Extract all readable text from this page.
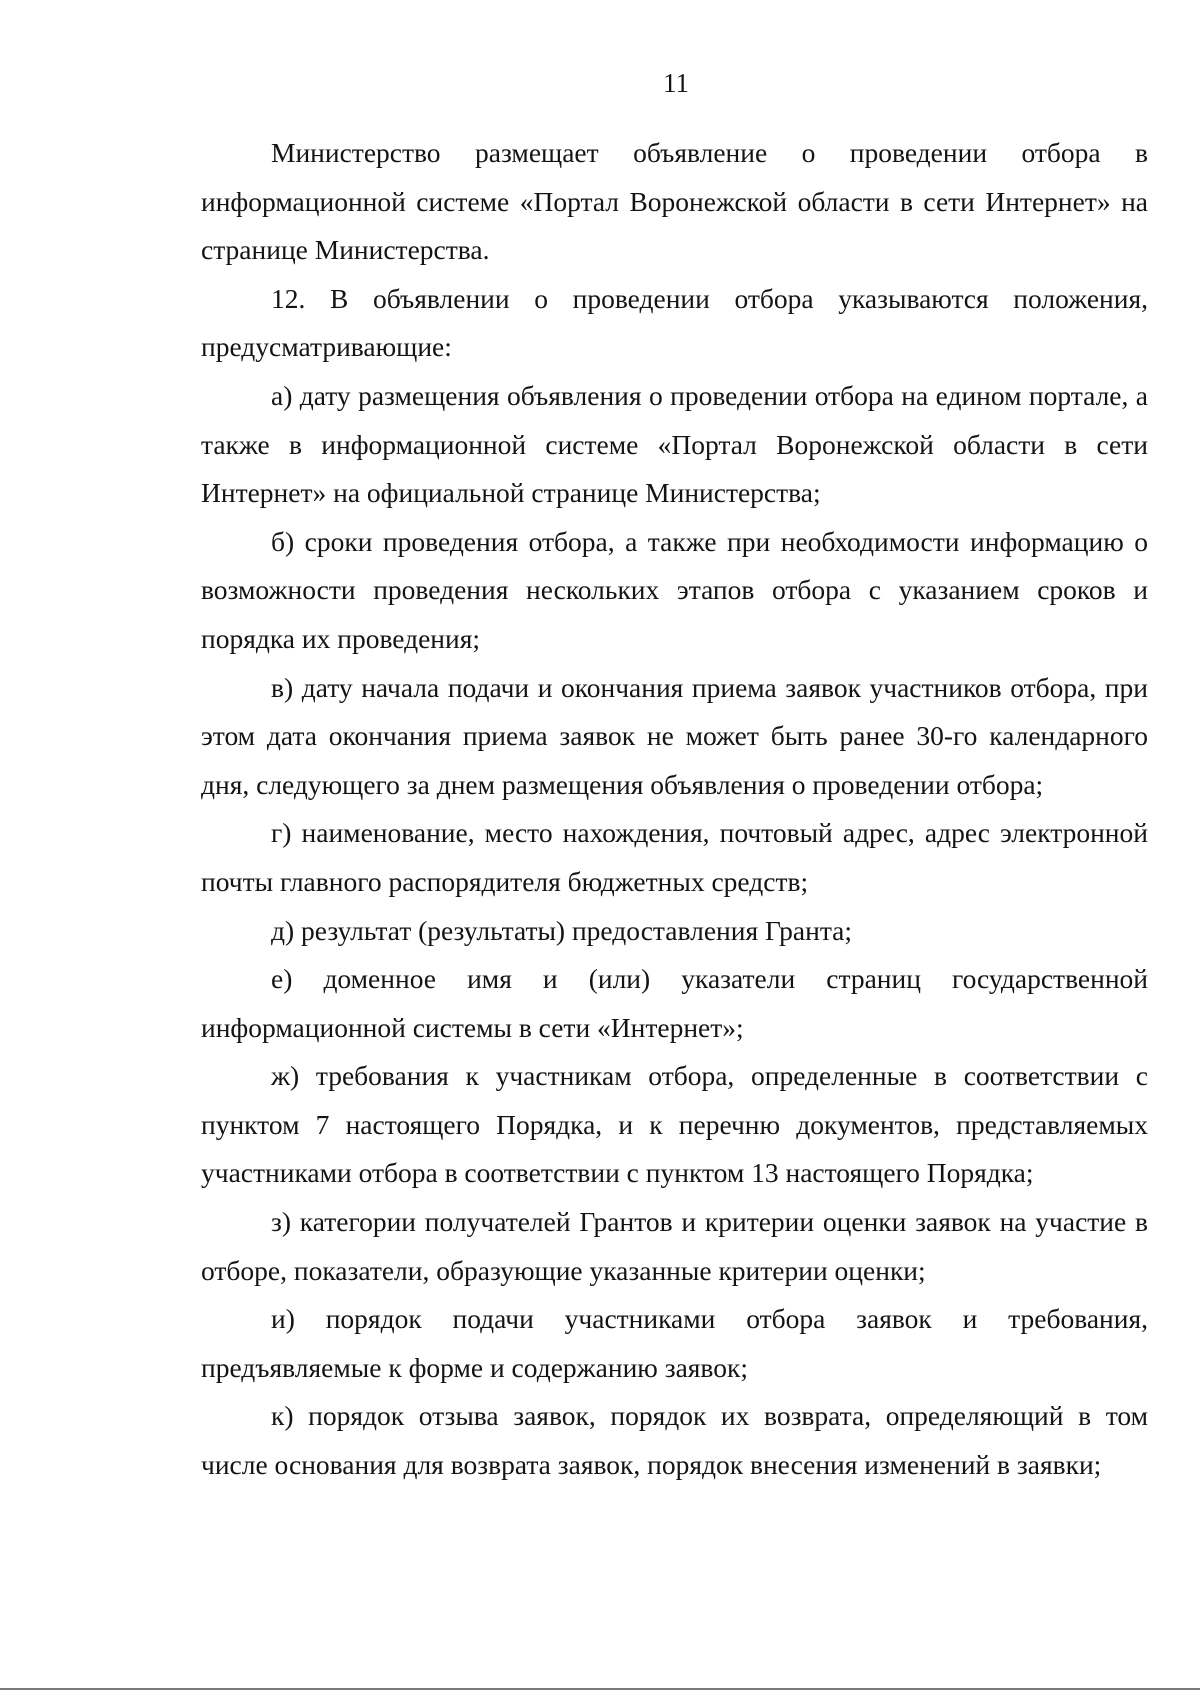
11

Министерство размещает объявление о проведении отбора в информационной системе «Портал Воронежской области в сети Интернет» на странице Министерства.

12. В объявлении о проведении отбора указываются положения, предусматривающие:

а) дату размещения объявления о проведении отбора на едином портале, а также в информационной системе «Портал Воронежской области в сети Интернет» на официальной странице Министерства;

б) сроки проведения отбора, а также при необходимости информацию о возможности проведения нескольких этапов отбора с указанием сроков и порядка их проведения;

в) дату начала подачи и окончания приема заявок участников отбора, при этом дата окончания приема заявок не может быть ранее 30-го календарного дня, следующего за днем размещения объявления о проведении отбора;

г) наименование, место нахождения, почтовый адрес, адрес электронной почты главного распорядителя бюджетных средств;

д) результат (результаты) предоставления Гранта;

е) доменное имя и (или) указатели страниц государственной информационной системы в сети «Интернет»;

ж) требования к участникам отбора, определенные в соответствии с пунктом 7 настоящего Порядка, и к перечню документов, представляемых участниками отбора в соответствии с пунктом 13 настоящего Порядка;

з) категории получателей Грантов и критерии оценки заявок на участие в отборе, показатели, образующие указанные критерии оценки;

и) порядок подачи участниками отбора заявок и требования, предъявляемые к форме и содержанию заявок;

к) порядок отзыва заявок, порядок их возврата, определяющий в том числе основания для возврата заявок, порядок внесения изменений в заявки;
